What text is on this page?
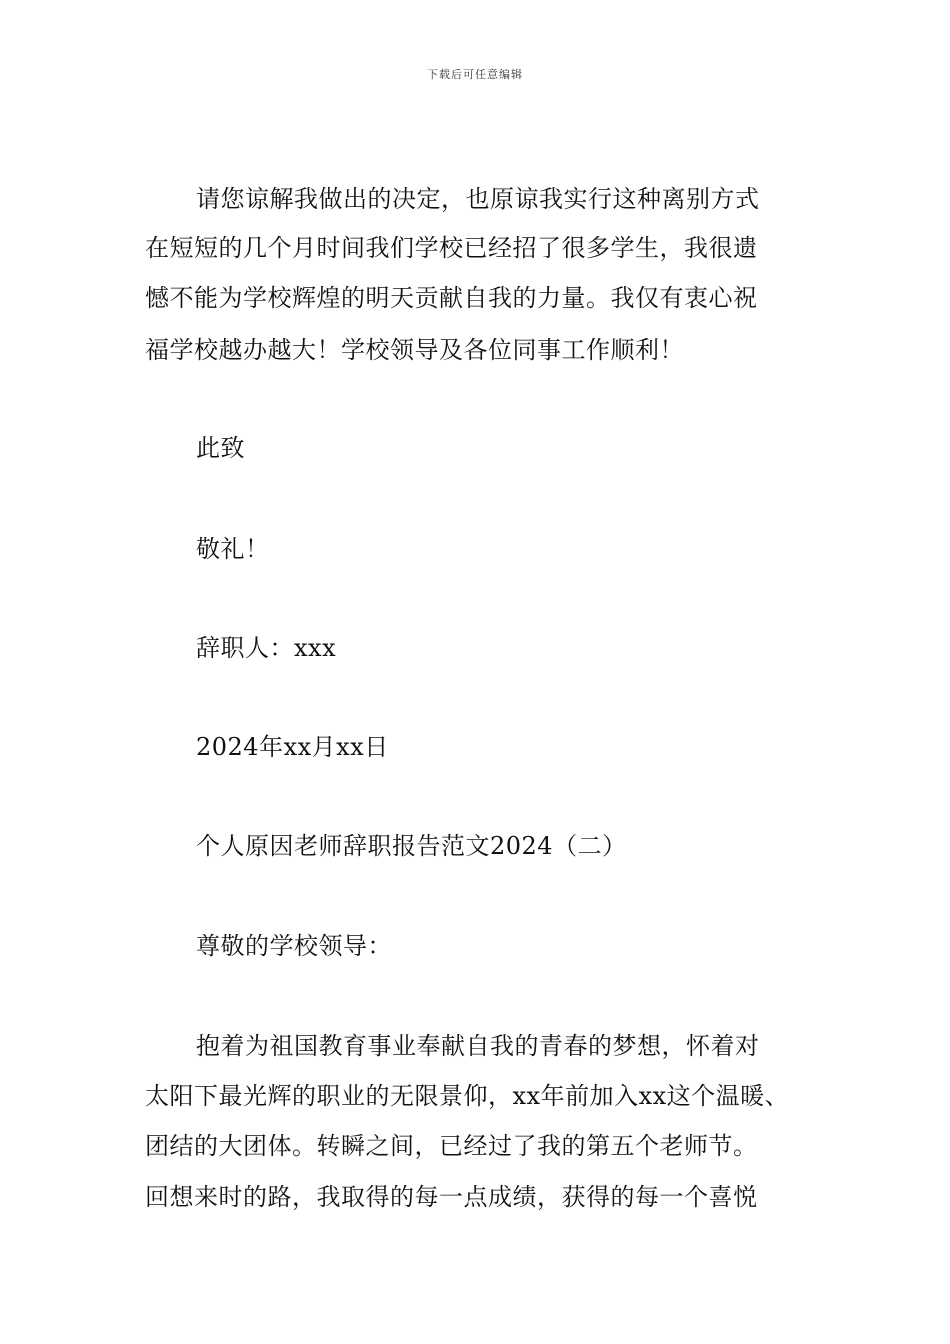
下载后可任意编辑
请您谅解我做出的决定，也原谅我实行这种离别方式
在短短的几个月时间我们学校已经招了很多学生，我很遗
憾不能为学校辉煌的明天贡献自我的力量。我仅有衷心祝
福学校越办越大！学校领导及各位同事工作顺利！
此致
敬礼！
辞职人：xxx
2024年xx月xx日
个人原因老师辞职报告范文2024（二）
尊敬的学校领导：
抱着为祖国教育事业奉献自我的青春的梦想，怀着对
太阳下最光辉的职业的无限景仰，xx年前加入xx这个温暖、
团结的大团体。转瞬之间，已经过了我的第五个老师节。
回想来时的路，我取得的每一点成绩，获得的每一个喜悦
